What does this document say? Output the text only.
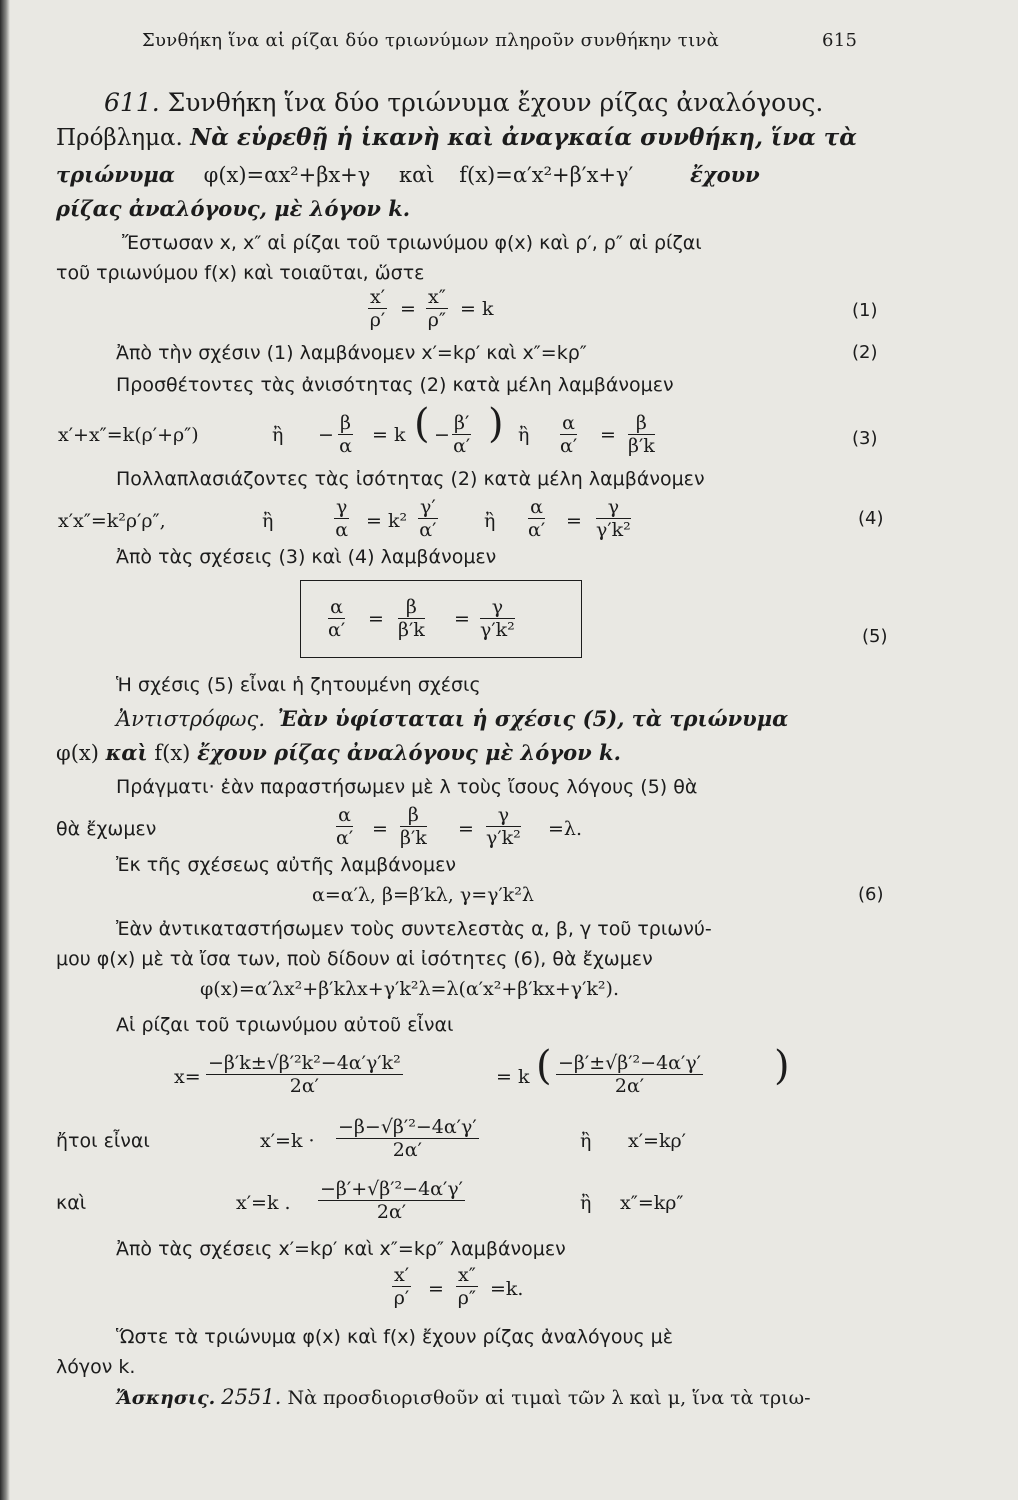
Συνθήκη ἵνα αἱ ρίζαι δύο τριωνύμων πληροῦν συνθήκην τινὰ	615
611. Συνθήκη ἵνα δύο τριώνυμα ἔχουν ρίζας ἀναλόγους.
Πρόβλημα. Νὰ εὑρεθῇ ἡ ἱκανὴ καὶ ἀναγκαία συνθήκη, ἵνα τὰ
τριώνυμα φ(x)=αx²+βx+γ καὶ f(x)=α′x²+β′x+γ′	ἔχουν
ρίζας ἀναλόγους, μὲ λόγον k.
Ἔστωσαν x, x″ αἱ ρίζαι τοῦ τριωνύμου φ(x) καὶ ρ′, ρ″ αἱ ρίζαι
τοῦ τριωνύμου f(x) καὶ τοιαῦται, ὥστε
x′
ρ′ =
x″
ρ″ = k	(1)
Ἀπὸ τὴν σχέσιν (1) λαμβάνομεν x′=kρ′ καὶ x″=kρ″	(2)
Προσθέτοντες τὰς ἀνισότητας (2) κατὰ μέλη λαμβάνομεν
x′+x″=k(ρ′+ρ″)	ἢ −
β
α = k ( −
β′
α′ ) ἢ
α
α′ =
β
β′k	(3)
Πολλαπλασιάζοντες τὰς ἰσότητας (2) κατὰ μέλη λαμβάνομεν
x′x″=k²ρ′ρ″,	ἢ
γ
α = k²
γ′
α′	ἢ
α
α′ =
γ
γ′k²
(4)
Ἀπὸ τὰς σχέσεις (3) καὶ (4) λαμβάνομεν
α
α′ =
β
β′k =
γ
γ′k²	(5)
Ἡ σχέσις (5) εἶναι ἡ ζητουμένη σχέσις
Ἀντιστρόφως. Ἐὰν ὑφίσταται ἡ σχέσις (5), τὰ τριώνυμα
φ(x) καὶ f(x) ἔχουν ρίζας ἀναλόγους μὲ λόγον k.
Πράγματι· ἐὰν παραστήσωμεν μὲ λ τοὺς ἴσους λόγους (5) θὰ
θὰ ἔχωμεν
α
α′ =
β
β′k =
γ
γ′k² =λ.
Ἐκ τῆς σχέσεως αὐτῆς λαμβάνομεν
α=α′λ, β=β′kλ, γ=γ′k²λ	(6)
Ἐὰν ἀντικαταστήσωμεν τοὺς συντελεστὰς α, β, γ τοῦ τριωνύ-
μου φ(x) μὲ τὰ ἴσα των, ποὺ δίδουν αἱ ἰσότητες (6), θὰ ἔχωμεν
φ(x)=α′λx²+β′kλx+γ′k²λ=λ(α′x²+β′kx+γ′k²).
Αἱ ρίζαι τοῦ τριωνύμου αὐτοῦ εἶναι
x=
−β′k±√β′²k²−4α′γ′k²
2α′	= k ( −β′±√β′²−4α′γ′
2α′	)
ἤτοι εἶναι	x′=k ·
−β−√β′²−4α′γ′
2α′	ἢ x′=kρ′
καὶ	x′=k .
−β′+√β′²−4α′γ′
2α′	ἢ x″=kρ″
Ἀπὸ τὰς σχέσεις x′=kρ′ καὶ x″=kρ″ λαμβάνομεν
x′
ρ′ =
x″
ρ″ =k.
Ὥστε τὰ τριώνυμα φ(x) καὶ f(x) ἔχουν ρίζας ἀναλόγους μὲ
λόγον k.
Ἄσκησις. 2551. Νὰ προσδιορισθοῦν αἱ τιμαὶ τῶν λ καὶ μ, ἵνα τὰ τριω-
